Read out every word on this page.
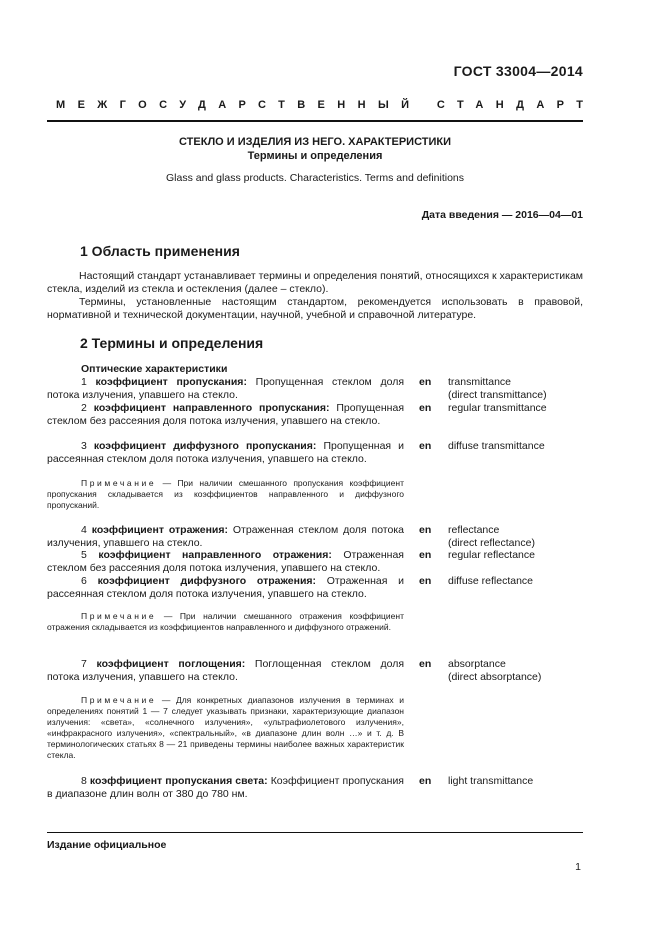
ГОСТ 33004—2014
МЕЖГОСУДАРСТВЕННЫЙ СТАНДАРТ
СТЕКЛО И ИЗДЕЛИЯ ИЗ НЕГО. ХАРАКТЕРИСТИКИ
Термины и определения
Glass and glass products. Characteristics. Terms and definitions
Дата введения — 2016—04—01
1 Область применения

Настоящий стандарт устанавливает термины и определения понятий, относящихся к характеристикам стекла, изделий из стекла и остекления (далее – стекло).

Термины, установленные настоящим стандартом, рекомендуется использовать в правовой, нормативной и технической документации, научной, учебной и справочной литературе.

2 Термины и определения
Оптические характеристики

1 коэффициент пропускания: Пропущенная стеклом доля потока излучения, упавшего на стекло.

en transmittance
(direct transmittance)

2 коэффициент направленного пропускания: Пропущенная стеклом без рассеяния доля потока излучения, упавшего на стекло.

en regular transmittance

3 коэффициент диффузного пропускания: Пропущенная и рассеянная стеклом доля потока излучения, упавшего на стекло.

en diffuse transmittance

Примечание — При наличии смешанного пропускания коэффициент пропускания складывается из коэффициентов направленного и диффузного пропусканий.

4 коэффициент отражения: Отраженная стеклом доля потока излучения, упавшего на стекло.

en reflectance
(direct reflectance)

5 коэффициент направленного отражения: Отраженная стеклом без рассеяния доля потока излучения, упавшего на стекло.

en regular reflectance

6 коэффициент диффузного отражения: Отраженная и рассеянная стеклом доля потока излучения, упавшего на стекло.

en diffuse reflectance

Примечание — При наличии смешанного отражения коэффициент отражения складывается из коэффициентов направленного и диффузного отражений.

7 коэффициент поглощения: Поглощенная стеклом доля потока излучения, упавшего на стекло.

en absorptance
(direct absorptance)

Примечание — Для конкретных диапазонов излучения в терминах и определениях понятий 1 — 7 следует указывать признаки, характеризующие диапазон излучения: «света», «солнечного излучения», «ультрафиолетового излучения», «инфракрасного излучения», «спектральный», «в диапазоне длин волн …» и т. д. В терминологических статьях 8 — 21 приведены термины наиболее важных характеристик стекла.

8 коэффициент пропускания света: Коэффициент пропускания в диапазоне длин волн от 380 до 780 нм.

en light transmittance
Издание официальное
1
